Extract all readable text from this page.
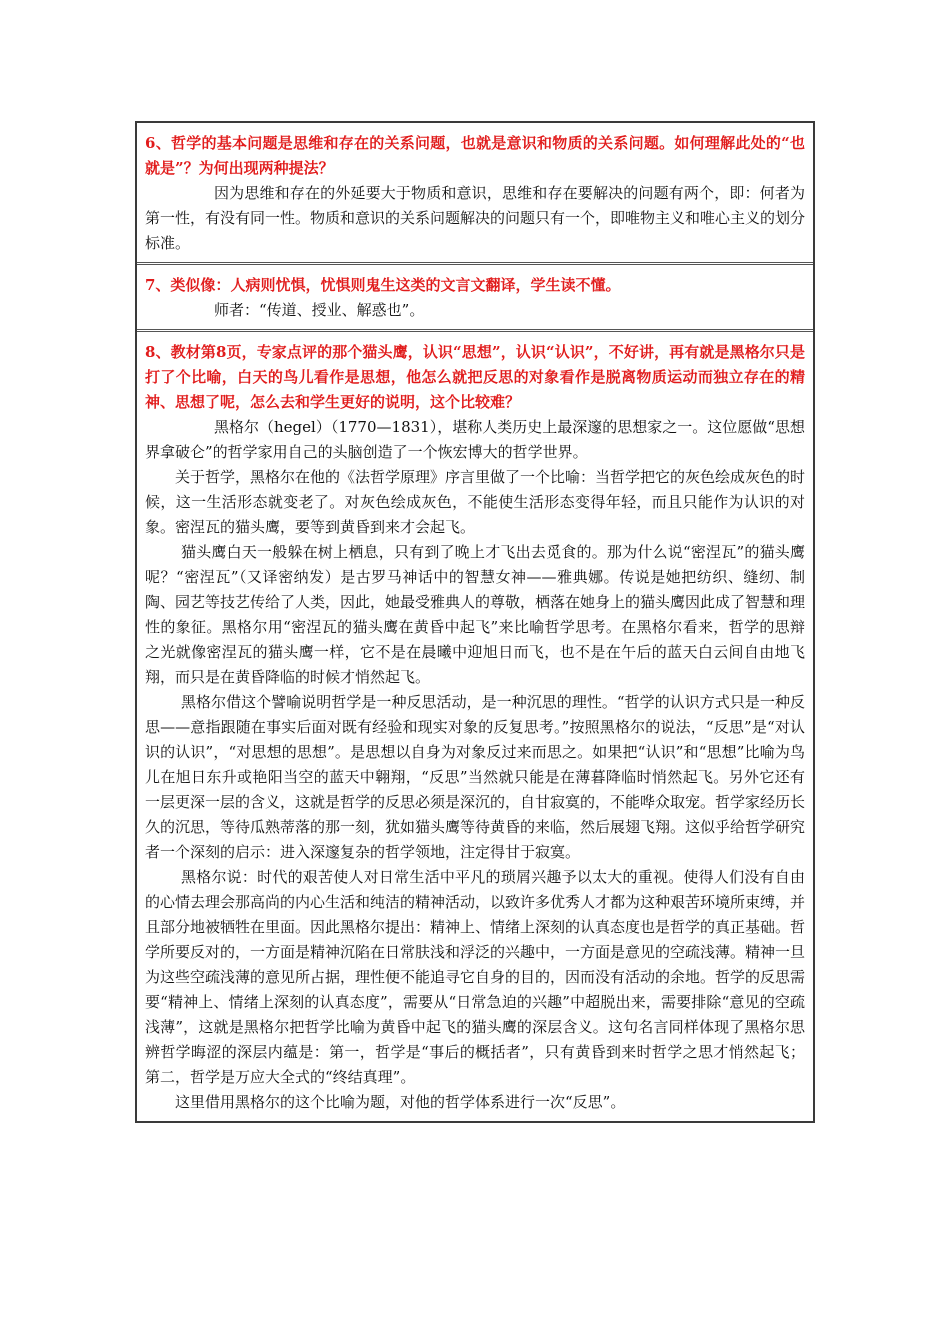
6、哲学的基本问题是思维和存在的关系问题，也就是意识和物质的关系问题。如何理解此处的“也就是”？为何出现两种提法？

因为思维和存在的外延要大于物质和意识，思维和存在要解决的问题有两个，即：何者为第一性，有没有同一性。物质和意识的关系问题解决的问题只有一个，即唯物主义和唯心主义的划分标准。

7、类似像：人病则忧惧，忧惧则鬼生这类的文言文翻译，学生读不懂。

师者：“传道、授业、解惑也”。

8、教材第8页，专家点评的那个猫头鹰，认识“思想”，认识“认识”，不好讲，再有就是黑格尔只是打了个比喻，白天的鸟儿看作是思想，他怎么就把反思的对象看作是脱离物质运动而独立存在的精神、思想了呢，怎么去和学生更好的说明，这个比较难？

黑格尔（hegel）（1770—1831），堪称人类历史上最深邃的思想家之一。这位愿做“思想界拿破仑”的哲学家用自己的头脑创造了一个恢宏博大的哲学世界。

关于哲学，黑格尔在他的《法哲学原理》序言里做了一个比喻：当哲学把它的灰色绘成灰色的时候，这一生活形态就变老了。对灰色绘成灰色，不能使生活形态变得年轻，而且只能作为认识的对象。密涅瓦的猫头鹰，要等到黄昏到来才会起飞。

猫头鹰白天一般躲在树上栖息，只有到了晚上才飞出去觅食的。那为什么说“密涅瓦”的猫头鹰呢？“密涅瓦”（又译密纳发）是古罗马神话中的智慧女神——雅典娜。传说是她把纺织、缝纫、制陶、园艺等技艺传给了人类，因此，她最受雅典人的尊敬，栖落在她身上的猫头鹰因此成了智慧和理性的象征。黑格尔用“密涅瓦的猫头鹰在黄昏中起飞”来比喻哲学思考。在黑格尔看来，哲学的思辩之光就像密涅瓦的猫头鹰一样，它不是在晨曦中迎旭日而飞，也不是在午后的蓝天白云间自由地飞翔，而只是在黄昏降临的时候才悄然起飞。

黑格尔借这个譬喻说明哲学是一种反思活动，是一种沉思的理性。“哲学的认识方式只是一种反思——意指跟随在事实后面对既有经验和现实对象的反复思考。”按照黑格尔的说法，“反思”是“对认识的认识”，“对思想的思想”。是思想以自身为对象反过来而思之。如果把“认识”和“思想”比喻为鸟儿在旭日东升或艳阳当空的蓝天中翱翔，“反思”当然就只能是在薄暮降临时悄然起飞。另外它还有一层更深一层的含义，这就是哲学的反思必须是深沉的，自甘寂寞的，不能哗众取宠。哲学家经历长久的沉思，等待瓜熟蒂落的那一刻，犹如猫头鹰等待黄昏的来临，然后展翅飞翔。这似乎给哲学研究者一个深刻的启示：进入深邃复杂的哲学领地，注定得甘于寂寞。

黑格尔说：时代的艰苦使人对日常生活中平凡的琐屑兴趣予以太大的重视。使得人们没有自由的心情去理会那高尚的内心生活和纯洁的精神活动，以致许多优秀人才都为这种艰苦环境所束缚，并且部分地被牺牲在里面。因此黑格尔提出：精神上、情绪上深刻的认真态度也是哲学的真正基础。哲学所要反对的，一方面是精神沉陷在日常肤浅和浮泛的兴趣中，一方面是意见的空疏浅薄。精神一旦为这些空疏浅薄的意见所占据，理性便不能追寻它自身的目的，因而没有活动的余地。哲学的反思需要“精神上、情绪上深刻的认真态度”，需要从“日常急迫的兴趣”中超脱出来，需要排除“意见的空疏浅薄”，这就是黑格尔把哲学比喻为黄昏中起飞的猫头鹰的深层含义。这句名言同样体现了黑格尔思辨哲学晦涩的深层内蕴是：第一，哲学是“事后的概括者”，只有黄昏到来时哲学之思才悄然起飞；第二，哲学是万应大全式的“终结真理”。

这里借用黑格尔的这个比喻为题，对他的哲学体系进行一次“反思”。
